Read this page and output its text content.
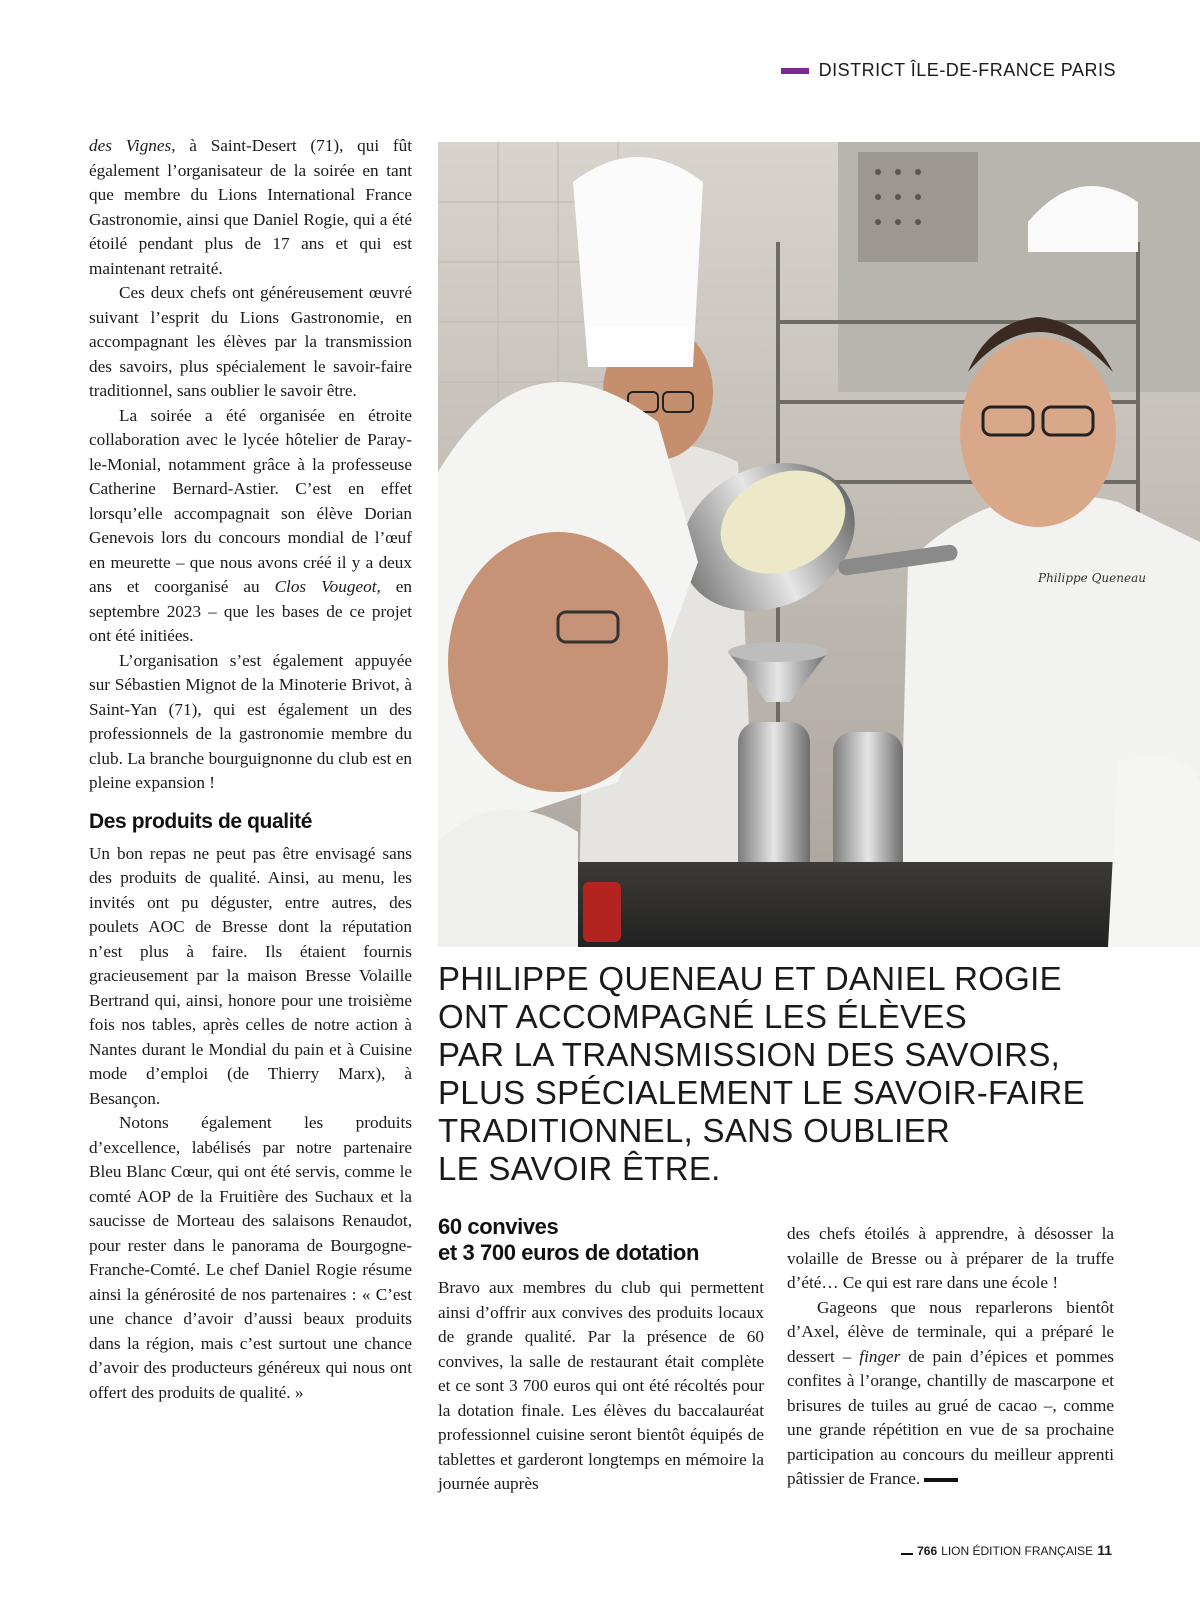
DISTRICT ÎLE-DE-FRANCE PARIS

des Vignes, à Saint-Desert (71), qui fût également l’organisateur de la soirée en tant que membre du Lions International France Gastronomie, ainsi que Daniel Rogie, qui a été étoilé pendant plus de 17 ans et qui est maintenant retraité.

Ces deux chefs ont généreusement œuvré suivant l’esprit du Lions Gastronomie, en accompagnant les élèves par la transmission des savoirs, plus spécialement le savoir-faire traditionnel, sans oublier le savoir être.

La soirée a été organisée en étroite collaboration avec le lycée hôtelier de Paray-le-Monial, notamment grâce à la professeuse Catherine Bernard-Astier. C’est en effet lorsqu’elle accompagnait son élève Dorian Genevois lors du concours mondial de l’œuf en meurette – que nous avons créé il y a deux ans et coorganisé au Clos Vougeot, en septembre 2023 – que les bases de ce projet ont été initiées.

L’organisation s’est également appuyée sur Sébastien Mignot de la Minoterie Brivot, à Saint-Yan (71), qui est également un des professionnels de la gastronomie membre du club. La branche bourguignonne du club est en pleine expansion !

Des produits de qualité

Un bon repas ne peut pas être envisagé sans des produits de qualité. Ainsi, au menu, les invités ont pu déguster, entre autres, des poulets AOC de Bresse dont la réputation n’est plus à faire. Ils étaient fournis gracieusement par la maison Bresse Volaille Bertrand qui, ainsi, honore pour une troisième fois nos tables, après celles de notre action à Nantes durant le Mondial du pain et à Cuisine mode d’emploi (de Thierry Marx), à Besançon.

Notons également les produits d’excellence, labélisés par notre partenaire Bleu Blanc Cœur, qui ont été servis, comme le comté AOP de la Fruitière des Suchaux et la saucisse de Morteau des salaisons Renaudot, pour rester dans le panorama de Bourgogne-Franche-Comté. Le chef Daniel Rogie résume ainsi la générosité de nos partenaires : « C’est une chance d’avoir d’aussi beaux produits dans la région, mais c’est surtout une chance d’avoir des producteurs généreux qui nous ont offert des produits de qualité. »

Philippe Queneau
PHILIPPE QUENEAU ET DANIEL ROGIE
ONT ACCOMPAGNÉ LES ÉLÈVES
PAR LA TRANSMISSION DES SAVOIRS,
PLUS SPÉCIALEMENT LE SAVOIR-FAIRE
TRADITIONNEL, SANS OUBLIER
LE SAVOIR ÊTRE.
60 convives
et 3 700 euros de dotation

Bravo aux membres du club qui permettent ainsi d’offrir aux convives des produits locaux de grande qualité. Par la présence de 60 convives, la salle de restaurant était complète et ce sont 3 700 euros qui ont été récoltés pour la dotation finale. Les élèves du baccalauréat professionnel cuisine seront bientôt équipés de tablettes et garderont longtemps en mémoire la journée auprès

des chefs étoilés à apprendre, à désosser la volaille de Bresse ou à préparer de la truffe d’été… Ce qui est rare dans une école !

Gageons que nous reparlerons bientôt d’Axel, élève de terminale, qui a préparé le dessert – finger de pain d’épices et pommes confites à l’orange, chantilly de mascarpone et brisures de tuiles au grué de cacao –, comme une grande répétition en vue de sa prochaine participation au concours du meilleur apprenti pâtissier de France.

766 LION ÉDITION FRANÇAISE 11
